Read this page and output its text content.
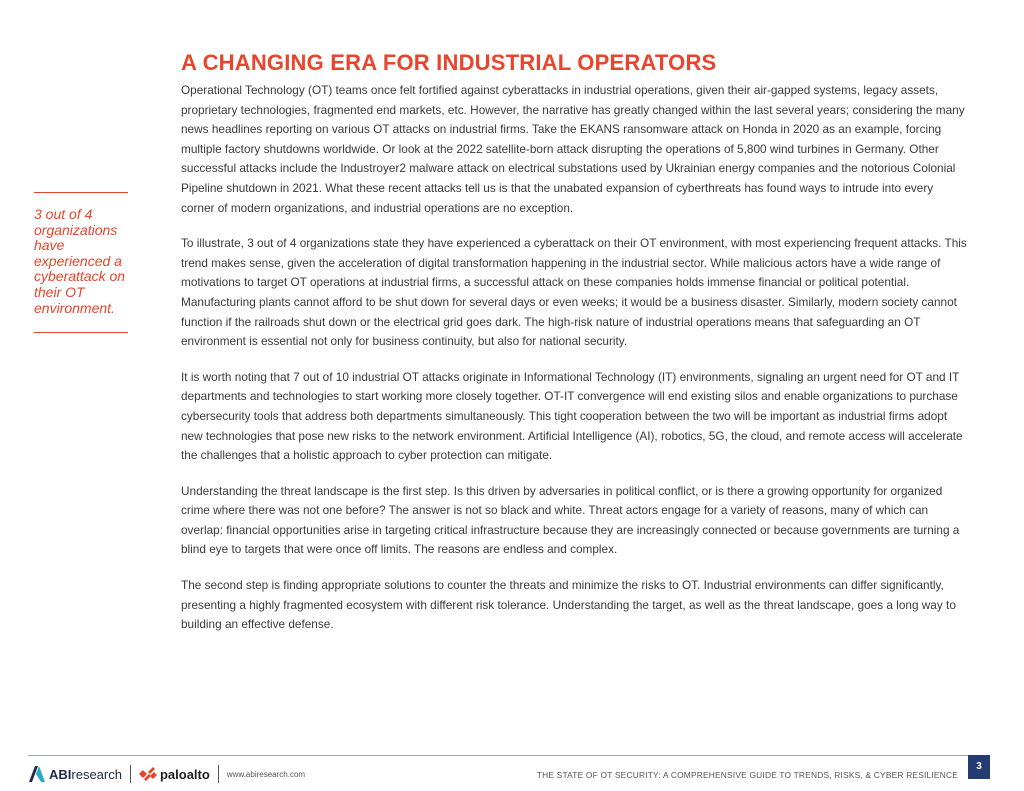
A CHANGING ERA FOR INDUSTRIAL OPERATORS

3 out of 4 organizations have experienced a cyberattack on their OT environment.

Operational Technology (OT) teams once felt fortified against cyberattacks in industrial operations, given their air-gapped systems, legacy assets, proprietary technologies, fragmented end markets, etc. However, the narrative has greatly changed within the last several years; considering the many news headlines reporting on various OT attacks on industrial firms. Take the EKANS ransomware attack on Honda in 2020 as an example, forcing multiple factory shutdowns worldwide. Or look at the 2022 satellite-born attack disrupting the operations of 5,800 wind turbines in Germany. Other successful attacks include the Industroyer2 malware attack on electrical substations used by Ukrainian energy companies and the notorious Colonial Pipeline shutdown in 2021. What these recent attacks tell us is that the unabated expansion of cyberthreats has found ways to intrude into every corner of modern organizations, and industrial operations are no exception.

To illustrate, 3 out of 4 organizations state they have experienced a cyberattack on their OT environment, with most experiencing frequent attacks. This trend makes sense, given the acceleration of digital transformation happening in the industrial sector. While malicious actors have a wide range of motivations to target OT operations at industrial firms, a successful attack on these companies holds immense financial or political potential. Manufacturing plants cannot afford to be shut down for several days or even weeks; it would be a business disaster. Similarly, modern society cannot function if the railroads shut down or the electrical grid goes dark. The high-risk nature of industrial operations means that safeguarding an OT environment is essential not only for business continuity, but also for national security.

It is worth noting that 7 out of 10 industrial OT attacks originate in Informational Technology (IT) environments, signaling an urgent need for OT and IT departments and technologies to start working more closely together. OT-IT convergence will end existing silos and enable organizations to purchase cybersecurity tools that address both departments simultaneously. This tight cooperation between the two will be important as industrial firms adopt new technologies that pose new risks to the network environment. Artificial Intelligence (AI), robotics, 5G, the cloud, and remote access will accelerate the challenges that a holistic approach to cyber protection can mitigate.

Understanding the threat landscape is the first step. Is this driven by adversaries in political conflict, or is there a growing opportunity for organized crime where there was not one before? The answer is not so black and white. Threat actors engage for a variety of reasons, many of which can overlap: financial opportunities arise in targeting critical infrastructure because they are increasingly connected or because governments are turning a blind eye to targets that were once off limits. The reasons are endless and complex.

The second step is finding appropriate solutions to counter the threats and minimize the risks to OT. Industrial environments can differ significantly, presenting a highly fragmented ecosystem with different risk tolerance. Understanding the target, as well as the threat landscape, goes a long way to building an effective defense.

3
ABIresearch	paloalto www.abiresearch.com	THE STATE OF OT SECURITY: A COMPREHENSIVE GUIDE TO TRENDS, RISKS, & CYBER RESILIENCE
